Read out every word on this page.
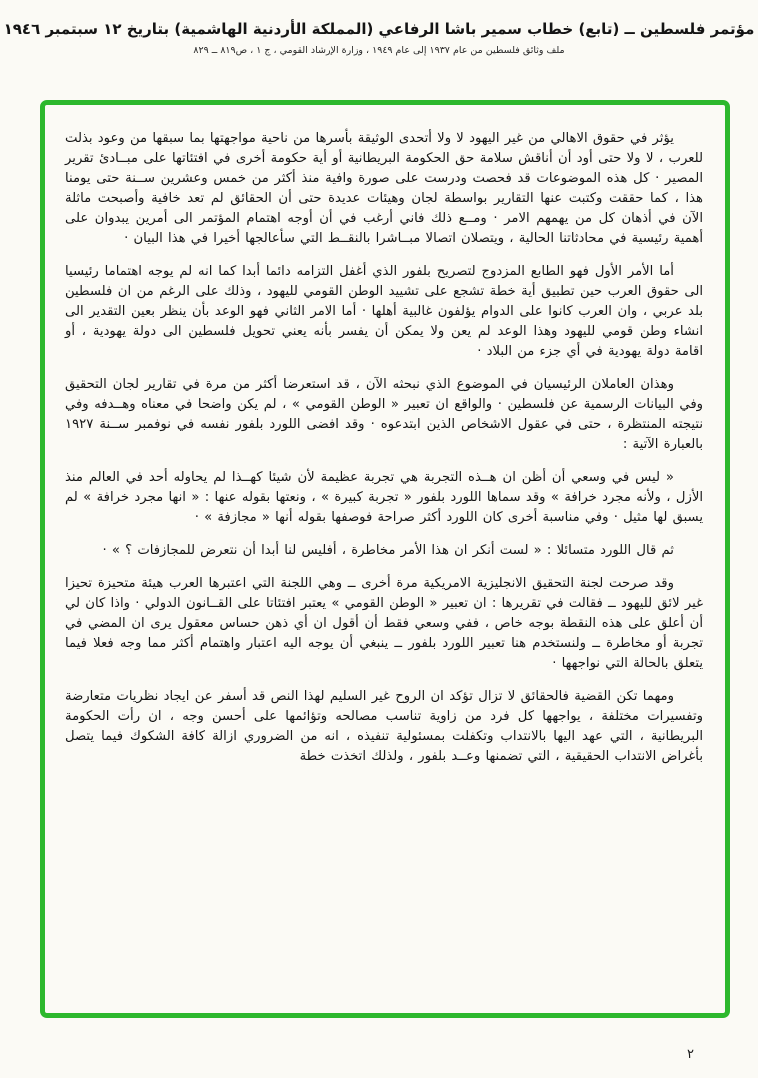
مؤتمر فلسطين ــ (تابع) خطاب سمير باشا الرفاعي (المملكة الأردنية الهاشمية) بتاريخ ١٢ سبتمبر ١٩٤٦
ملف وثائق فلسطين من عام ١٩٣٧ إلى عام ١٩٤٩ ، وزارة الإرشاد القومي ، ج ١ ، ص٨١٩ ــ ٨٢٩

يؤثر في حقوق الاهالي من غير اليهود لا ولا أتحدى الوثيقة بأسرها من ناحية مواجهتها بما سبقها من وعود بذلت للعرب ، لا ولا حتى أود أن أناقش سلامة حق الحكومة البريطانية أو أية حكومة أخرى في افتئاتها على مبــادئ تقرير المصير · كل هذه الموضوعات قد فحصت ودرست على صورة وافية منذ أكثر من خمس وعشرين ســنة حتى يومنا هذا ، كما حققت وكتبت عنها التقارير بواسطة لجان وهيئات عديدة حتى أن الحقائق لم تعد خافية وأصبحت ماثلة الآن في أذهان كل من يهمهم الامر · ومــع ذلك فاني أرغب في أن أوجه اهتمام المؤتمر الى أمرين يبدوان على أهمية رئيسية في محادثاتنا الحالية ، ويتصلان اتصالا مبــاشرا بالنقــط التي سأعالجها أخيرا في هذا البيان ·

أما الأمر الأول فهو الطابع المزدوج لتصريح بلفور الذي أغفل التزامه دائما أبدا كما انه لم يوجه اهتماما رئيسيا الى حقوق العرب حين تطبيق أية خطة تشجع على تشييد الوطن القومي لليهود ، وذلك على الرغم من ان فلسطين بلد عربي ، وان العرب كانوا على الدوام يؤلفون غالبية أهلها · أما الامر الثاني فهو الوعد بأن ينظر بعين التقدير الى انشاء وطن قومي لليهود وهذا الوعد لم يعن ولا يمكن أن يفسر بأنه يعني تحويل فلسطين الى دولة يهودية ، أو اقامة دولة يهودية في أي جزء من البلاد ·

وهذان العاملان الرئيسيان في الموضوع الذي نبحثه الآن ، قد استعرضا أكثر من مرة في تقارير لجان التحقيق وفي البيانات الرسمية عن فلسطين · والواقع ان تعبير « الوطن القومي » ، لم يكن واضحا في معناه وهــدفه وفي نتيجته المنتظرة ، حتى في عقول الاشخاص الذين ابتدعوه · وقد افضى اللورد بلفور نفسه في نوفمبر ســنة ١٩٢٧ بالعبارة الآتية :

« ليس في وسعي أن أظن ان هــذه التجربة هي تجربة عظيمة لأن شيئا كهــذا لم يحاوله أحد في العالم منذ الأزل ، ولأنه مجرد خرافة » وقد سماها اللورد بلفور « تجربة كبيرة » ، ونعتها بقوله عنها : « انها مجرد خرافة » لم يسبق لها مثيل · وفي مناسبة أخرى كان اللورد أكثر صراحة فوصفها بقوله أنها « مجازفة » ·

ثم قال اللورد متسائلا : « لست أنكر ان هذا الأمر مخاطرة ، أفليس لنا أبدا أن نتعرض للمجازفات ؟ » ·

وقد صرحت لجنة التحقيق الانجليزية الامريكية مرة أخرى ــ وهي اللجنة التي اعتبرها العرب هيئة متحيزة تحيزا غير لائق لليهود ــ فقالت في تقريرها : ان تعبير « الوطن القومي » يعتبر افتئاتا على القــانون الدولي · واذا كان لي أن أعلق على هذه النقطة بوجه خاص ، ففي وسعي فقط أن أقول ان أي ذهن حساس معقول يرى ان المضي في تجربة أو مخاطرة ــ ولنستخدم هنا تعبير اللورد بلفور ــ ينبغي أن يوجه اليه اعتبار واهتمام أكثر مما وجه فعلا فيما يتعلق بالحالة التي نواجهها ·

ومهما تكن القضية فالحقائق لا تزال تؤكد ان الروح غير السليم لهذا النص قد أسفر عن ايجاد نظريات متعارضة وتفسيرات مختلفة ، يواجهها كل فرد من زاوية تناسب مصالحه وتؤائمها على أحسن وجه ، ان رأت الحكومة البريطانية ، التي عهد اليها بالانتداب وتكفلت بمسئولية تنفيذه ، انه من الضروري ازالة كافة الشكوك فيما يتصل بأغراض الانتداب الحقيقية ، التي تضمنها وعــد بلفور ، ولذلك اتخذت خطة

٢
